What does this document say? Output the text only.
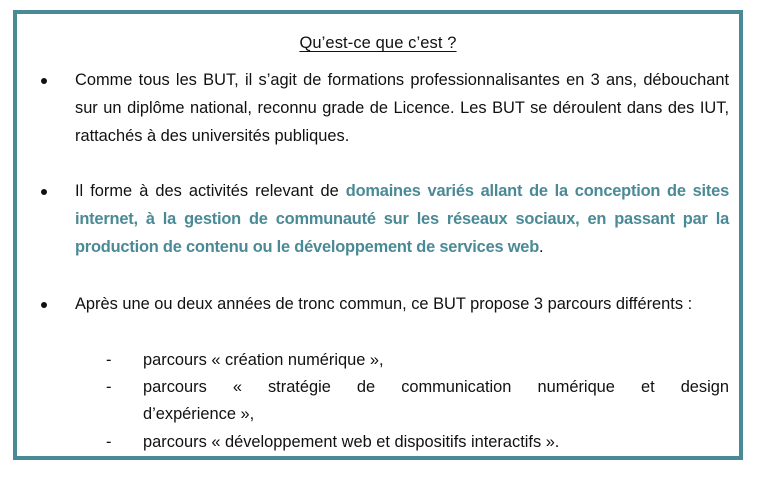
Qu’est-ce que c’est ?
Comme tous les BUT, il s’agit de formations professionnalisantes en 3 ans, débouchant sur un diplôme national, reconnu grade de Licence. Les BUT se déroulent dans des IUT, rattachés à des universités publiques.
Il forme à des activités relevant de domaines variés allant de la conception de sites internet, à la gestion de communauté sur les réseaux sociaux, en passant par la production de contenu ou le développement de services web.
Après une ou deux années de tronc commun, ce BUT propose 3 parcours différents :
- parcours « création numérique »,
- parcours « stratégie de communication numérique et design
d’expérience »,
- parcours « développement web et dispositifs interactifs ».
